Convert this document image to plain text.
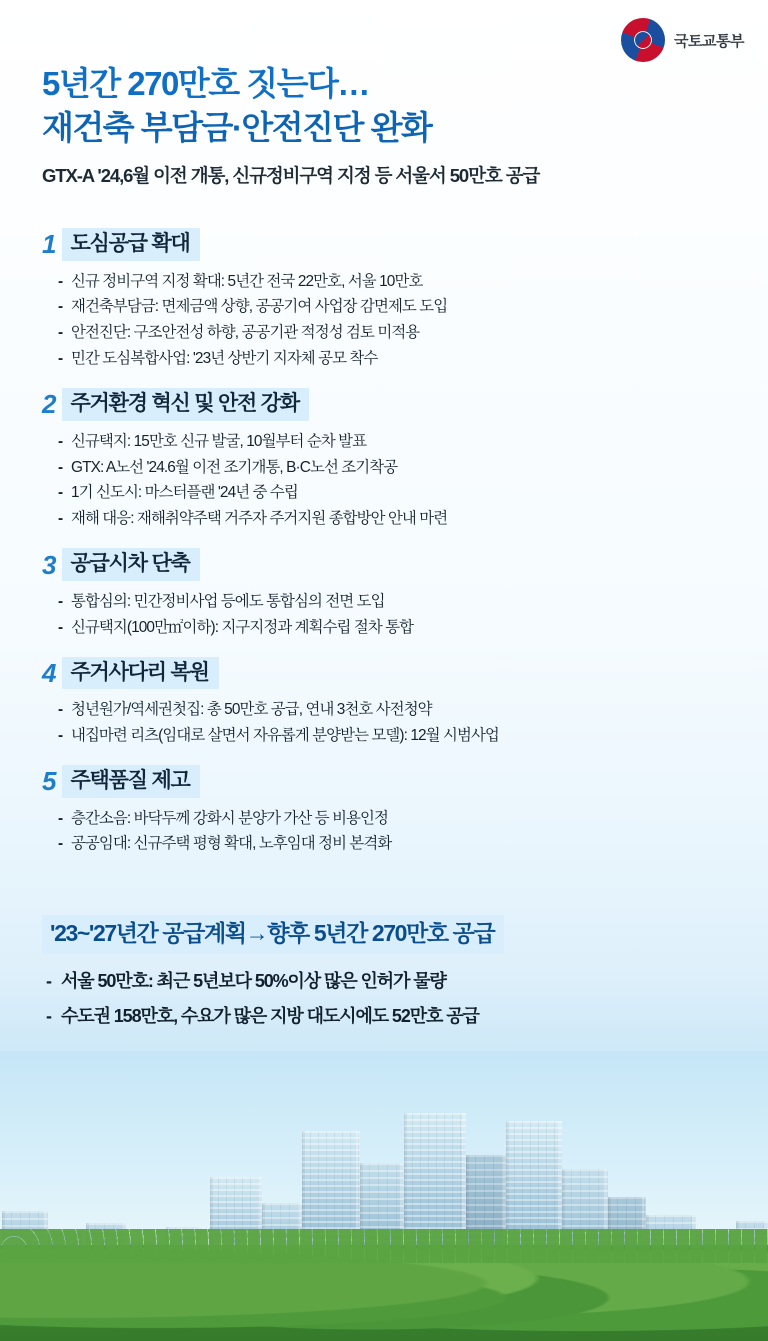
국토교통부
5년간 270만호 짓는다…
재건축 부담금·안전진단 완화
GTX-A '24,6월 이전 개통, 신규정비구역 지정 등 서울서 50만호 공급
1 도심공급 확대
- 신규 정비구역 지정 확대: 5년간 전국 22만호, 서울 10만호
- 재건축부담금: 면제금액 상향, 공공기여 사업장 감면제도 도입
- 안전진단: 구조안전성 하향, 공공기관 적정성 검토 미적용
- 민간 도심복합사업: '23년 상반기 지자체 공모 착수
2 주거환경 혁신 및 안전 강화
- 신규택지: 15만호 신규 발굴, 10월부터 순차 발표
- GTX: A노선 '24.6월 이전 조기개통, B·C노선 조기착공
- 1기 신도시: 마스터플랜 '24년 중 수립
- 재해 대응: 재해취약주택 거주자 주거지원 종합방안 안내 마련
3 공급시차 단축
- 통합심의: 민간정비사업 등에도 통합심의 전면 도입
- 신규택지(100만㎡이하): 지구지정과 계획수립 절차 통합
4 주거사다리 복원
- 청년원가/역세권첫집: 총 50만호 공급, 연내 3천호 사전청약
- 내집마련 리츠(임대로 살면서 자유롭게 분양받는 모델): 12월 시범사업
5 주택품질 제고
- 층간소음: 바닥두께 강화시 분양가 가산 등 비용인정
- 공공임대: 신규주택 평형 확대, 노후임대 정비 본격화
'23~'27년간 공급계획→향후 5년간 270만호 공급
- 서울 50만호: 최근 5년보다 50%이상 많은 인허가 물량
- 수도권 158만호, 수요가 많은 지방 대도시에도 52만호 공급
